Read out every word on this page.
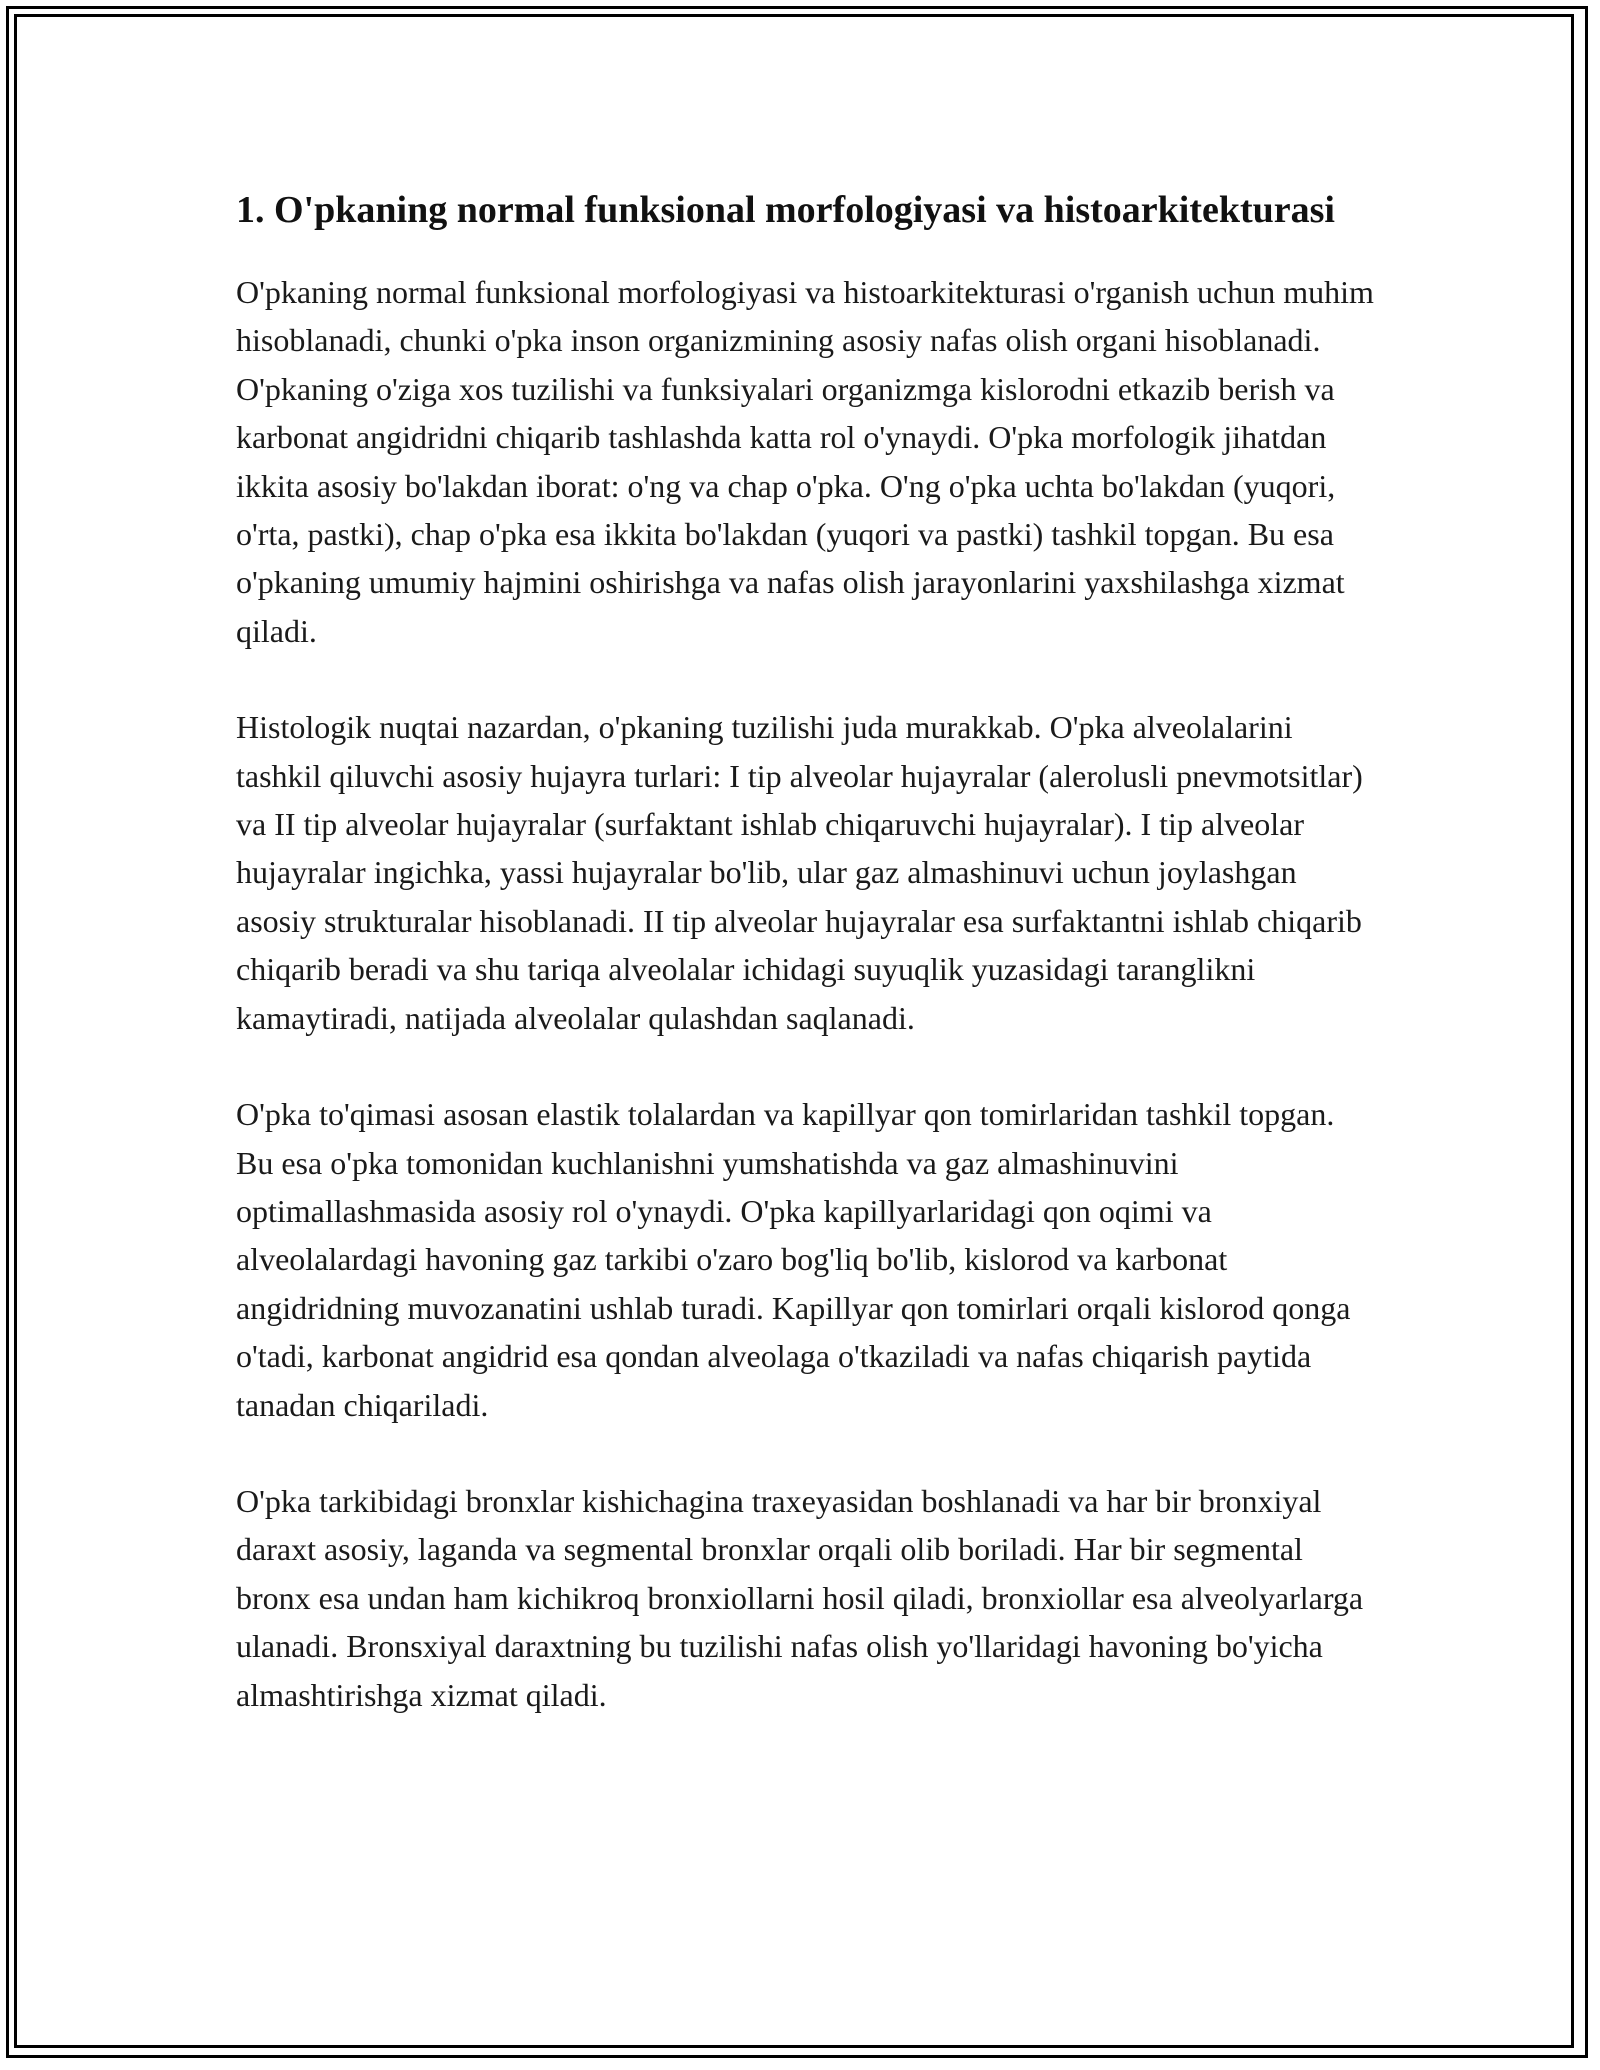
1. O'pkaning normal funksional morfologiyasi va histoarkitekturasi

O'pkaning normal funksional morfologiyasi va histoarkitekturasi o'rganish uchun muhim hisoblanadi, chunki o'pka inson organizmining asosiy nafas olish organi hisoblanadi. O'pkaning o'ziga xos tuzilishi va funksiyalari organizmga kislorodni etkazib berish va karbonat angidridni chiqarib tashlashda katta rol o'ynaydi. O'pka morfologik jihatdan ikkita asosiy bo'lakdan iborat: o'ng va chap o'pka. O'ng o'pka uchta bo'lakdan (yuqori, o'rta, pastki), chap o'pka esa ikkita bo'lakdan (yuqori va pastki) tashkil topgan. Bu esa o'pkaning umumiy hajmini oshirishga va nafas olish jarayonlarini yaxshilashga xizmat qiladi.

Histologik nuqtai nazardan, o'pkaning tuzilishi juda murakkab. O'pka alveolalarini tashkil qiluvchi asosiy hujayra turlari: I tip alveolar hujayralar (alerolusli pnevmotsitlar) va II tip alveolar hujayralar (surfaktant ishlab chiqaruvchi hujayralar). I tip alveolar hujayralar ingichka, yassi hujayralar bo'lib, ular gaz almashinuvi uchun joylashgan asosiy strukturalar hisoblanadi. II tip alveolar hujayralar esa surfaktantni ishlab chiqarib chiqarib beradi va shu tariqa alveolalar ichidagi suyuqlik yuzasidagi taranglikni kamaytiradi, natijada alveolalar qulashdan saqlanadi.

O'pka to'qimasi asosan elastik tolalardan va kapillyar qon tomirlaridan tashkil topgan. Bu esa o'pka tomonidan kuchlanishni yumshatishda va gaz almashinuvini optimallashmasida asosiy rol o'ynaydi. O'pka kapillyarlaridagi qon oqimi va alveolalardagi havoning gaz tarkibi o'zaro bog'liq bo'lib, kislorod va karbonat angidridning muvozanatini ushlab turadi. Kapillyar qon tomirlari orqali kislorod qonga o'tadi, karbonat angidrid esa qondan alveolaga o'tkaziladi va nafas chiqarish paytida tanadan chiqariladi.

O'pka tarkibidagi bronxlar kishichagina traxeyasidan boshlanadi va har bir bronxiyal daraxt asosiy, laganda va segmental bronxlar orqali olib boriladi. Har bir segmental bronx esa undan ham kichikroq bronxiollarni hosil qiladi, bronxiollar esa alveolyarlarga ulanadi. Bronsxiyal daraxtning bu tuzilishi nafas olish yo'llaridagi havoning bo'yicha almashtirishga xizmat qiladi.
